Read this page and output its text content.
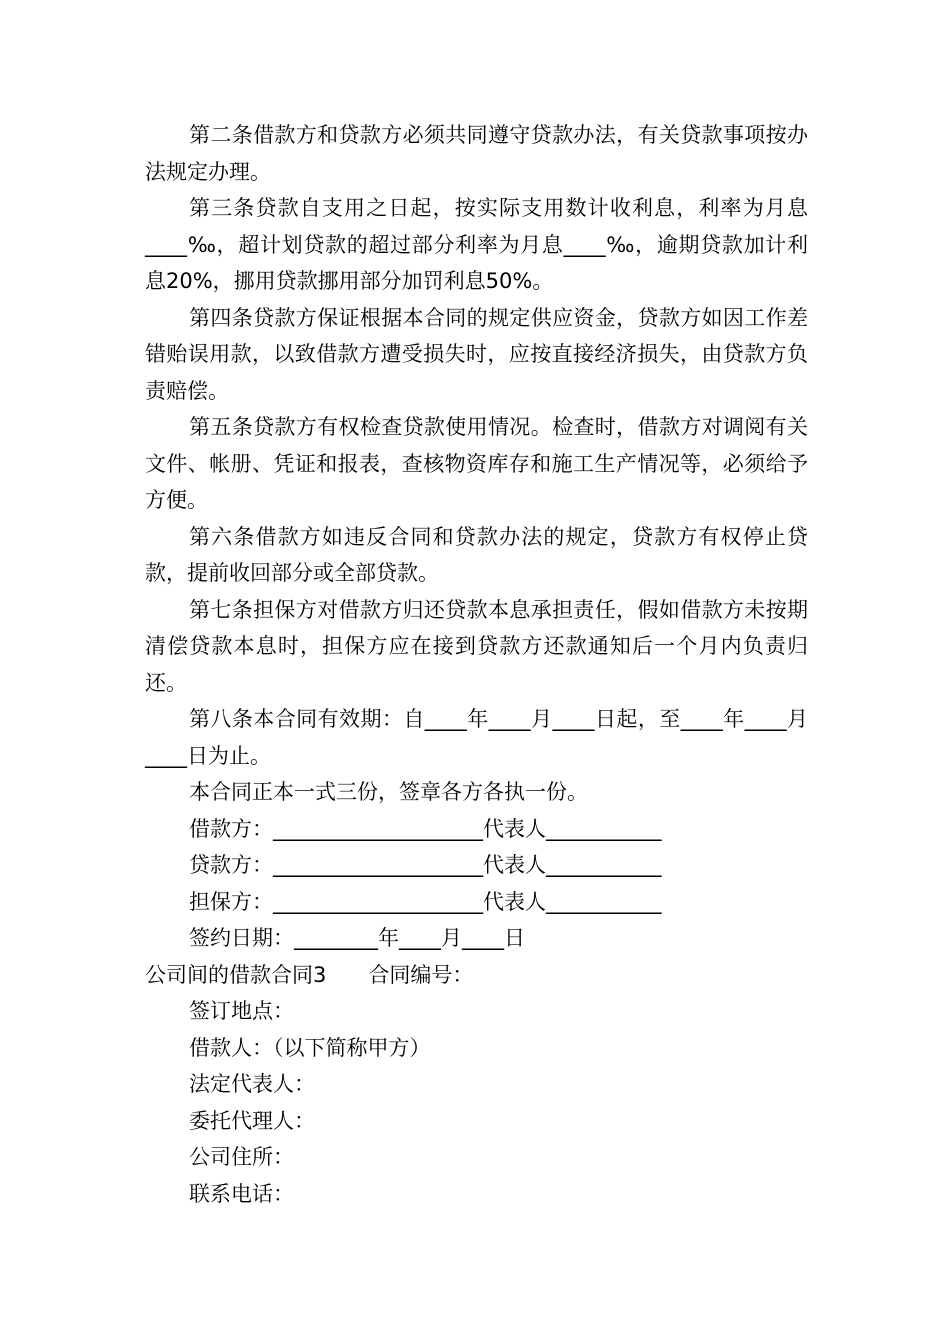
第二条借款方和贷款方必须共同遵守贷款办法，有关贷款事项按办法规定办理。

第三条贷款自支用之日起，按实际支用数计收利息，利率为月息____‰，超计划贷款的超过部分利率为月息____‰，逾期贷款加计利息20%，挪用贷款挪用部分加罚利息50%。

第四条贷款方保证根据本合同的规定供应资金，贷款方如因工作差错贻误用款，以致借款方遭受损失时，应按直接经济损失，由贷款方负责赔偿。

第五条贷款方有权检查贷款使用情况。检查时，借款方对调阅有关文件、帐册、凭证和报表，查核物资库存和施工生产情况等，必须给予方便。

第六条借款方如违反合同和贷款办法的规定，贷款方有权停止贷款，提前收回部分或全部贷款。

第七条担保方对借款方归还贷款本息承担责任，假如借款方未按期清偿贷款本息时，担保方应在接到贷款方还款通知后一个月内负责归还。

第八条本合同有效期：自____年____月____日起，至____年____月____日为止。

本合同正本一式三份，签章各方各执一份。

借款方：____________________代表人___________

贷款方：____________________代表人___________

担保方：____________________代表人___________

签约日期：________年____月____日

公司间的借款合同3　　合同编号：

签订地点：

借款人：（以下简称甲方）

法定代表人：

委托代理人：

公司住所：

联系电话：
